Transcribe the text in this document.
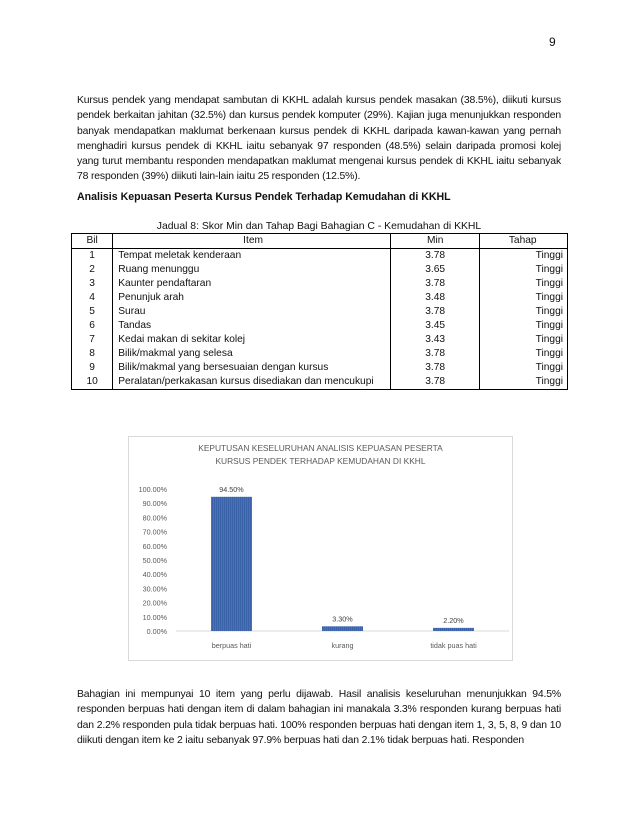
9

Kursus pendek yang mendapat sambutan di KKHL adalah kursus pendek masakan (38.5%), diikuti kursus pendek berkaitan jahitan (32.5%) dan kursus pendek komputer (29%). Kajian juga menunjukkan responden banyak mendapatkan maklumat berkenaan kursus pendek di KKHL daripada kawan-kawan yang pernah menghadiri kursus pendek di KKHL iaitu sebanyak 97 responden (48.5%) selain daripada promosi kolej yang turut membantu responden mendapatkan maklumat mengenai kursus pendek di KKHL iaitu sebanyak 78 responden (39%) diikuti lain-lain iaitu 25 responden (12.5%).

Analisis Kepuasan Peserta Kursus Pendek Terhadap Kemudahan di KKHL
Jadual 8: Skor Min dan Tahap Bagi Bahagian C - Kemudahan di KKHL
Bil	Item	Min	Tahap
1	Tempat meletak kenderaan	3.78	Tinggi
2	Ruang menunggu	3.65	Tinggi
3	Kaunter pendaftaran	3.78	Tinggi
4	Penunjuk arah	3.48	Tinggi
5	Surau	3.78	Tinggi
6	Tandas	3.45	Tinggi
7	Kedai makan di sekitar kolej	3.43	Tinggi
8	Bilik/makmal yang selesa	3.78	Tinggi
9	Bilik/makmal yang bersesuaian dengan kursus	3.78	Tinggi
10	Peralatan/perkakasan kursus disediakan dan mencukupi	3.78	Tinggi
KEPUTUSAN KESELURUHAN ANALISIS KEPUASAN PESERTA
KURSUS PENDEK TERHADAP KEMUDAHAN DI KKHL
0.00%
10.00%
20.00%
30.00%
40.00%
50.00%
60.00%
70.00%
80.00%
90.00%
100.00%	94.50%
berpuas hati
3.30%
kurang
2.20%
tidak puas hati

Bahagian ini mempunyai 10 item yang perlu dijawab. Hasil analisis keseluruhan menunjukkan 94.5% responden berpuas hati dengan item di dalam bahagian ini manakala 3.3% responden kurang berpuas hati dan 2.2% responden pula tidak berpuas hati. 100% responden berpuas hati dengan item 1, 3, 5, 8, 9 dan 10 diikuti dengan item ke 2 iaitu sebanyak 97.9% berpuas hati dan 2.1% tidak berpuas hati. Responden
